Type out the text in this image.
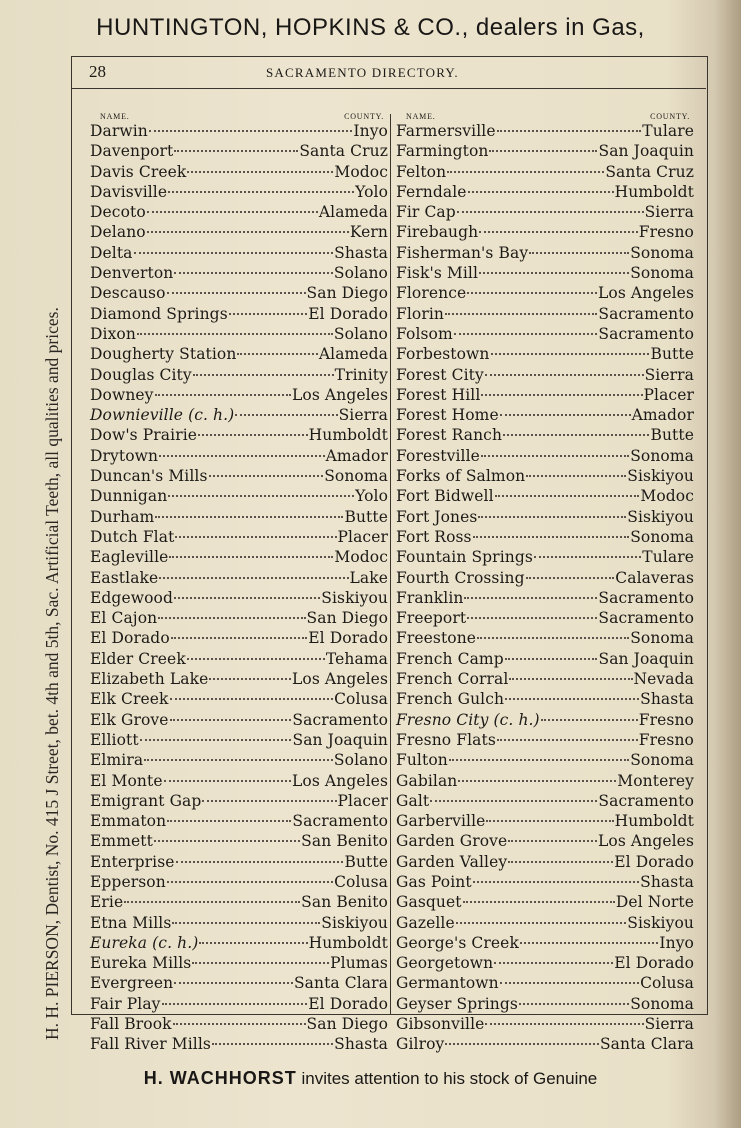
HUNTINGTON, HOPKINS & CO., dealers in Gas,
H. H. PIERSON, Dentist, No. 415 J Street, bet. 4th and 5th, Sac. Artificial Teeth, all qualities and prices.
28	SACRAMENTO DIRECTORY.
NAME.	COUNTY.
Darwin	Inyo
Davenport	Santa Cruz
Davis Creek	Modoc
Davisville	Yolo
Decoto	Alameda
Delano	Kern
Delta	Shasta
Denverton	Solano
Descauso	San Diego
Diamond Springs	El Dorado
Dixon	Solano
Dougherty Station	Alameda
Douglas City	Trinity
Downey	Los Angeles
Downieville (c. h.)	Sierra
Dow's Prairie	Humboldt
Drytown	Amador
Duncan's Mills	Sonoma
Dunnigan	Yolo
Durham	Butte
Dutch Flat	Placer
Eagleville	Modoc
Eastlake	Lake
Edgewood	Siskiyou
El Cajon	San Diego
El Dorado	El Dorado
Elder Creek	Tehama
Elizabeth Lake	Los Angeles
Elk Creek	Colusa
Elk Grove	Sacramento
Elliott	San Joaquin
Elmira	Solano
El Monte	Los Angeles
Emigrant Gap	Placer
Emmaton	Sacramento
Emmett	San Benito
Enterprise	Butte
Epperson	Colusa
Erie	San Benito
Etna Mills	Siskiyou
Eureka (c. h.)	Humboldt
Eureka Mills	Plumas
Evergreen	Santa Clara
Fair Play	El Dorado
Fall Brook	San Diego
Fall River Mills	Shasta
NAME.	COUNTY.
Farmersville	Tulare
Farmington	San Joaquin
Felton	Santa Cruz
Ferndale	Humboldt
Fir Cap	Sierra
Firebaugh	Fresno
Fisherman's Bay	Sonoma
Fisk's Mill	Sonoma
Florence	Los Angeles
Florin	Sacramento
Folsom	Sacramento
Forbestown	Butte
Forest City	Sierra
Forest Hill	Placer
Forest Home	Amador
Forest Ranch	Butte
Forestville	Sonoma
Forks of Salmon	Siskiyou
Fort Bidwell	Modoc
Fort Jones	Siskiyou
Fort Ross	Sonoma
Fountain Springs	Tulare
Fourth Crossing	Calaveras
Franklin	Sacramento
Freeport	Sacramento
Freestone	Sonoma
French Camp	San Joaquin
French Corral	Nevada
French Gulch	Shasta
Fresno City (c. h.)	Fresno
Fresno Flats	Fresno
Fulton	Sonoma
Gabilan	Monterey
Galt	Sacramento
Garberville	Humboldt
Garden Grove	Los Angeles
Garden Valley	El Dorado
Gas Point	Shasta
Gasquet	Del Norte
Gazelle	Siskiyou
George's Creek	Inyo
Georgetown	El Dorado
Germantown	Colusa
Geyser Springs	Sonoma
Gibsonville	Sierra
Gilroy	Santa Clara
H. WACHHORST invites attention to his stock of Genuine
